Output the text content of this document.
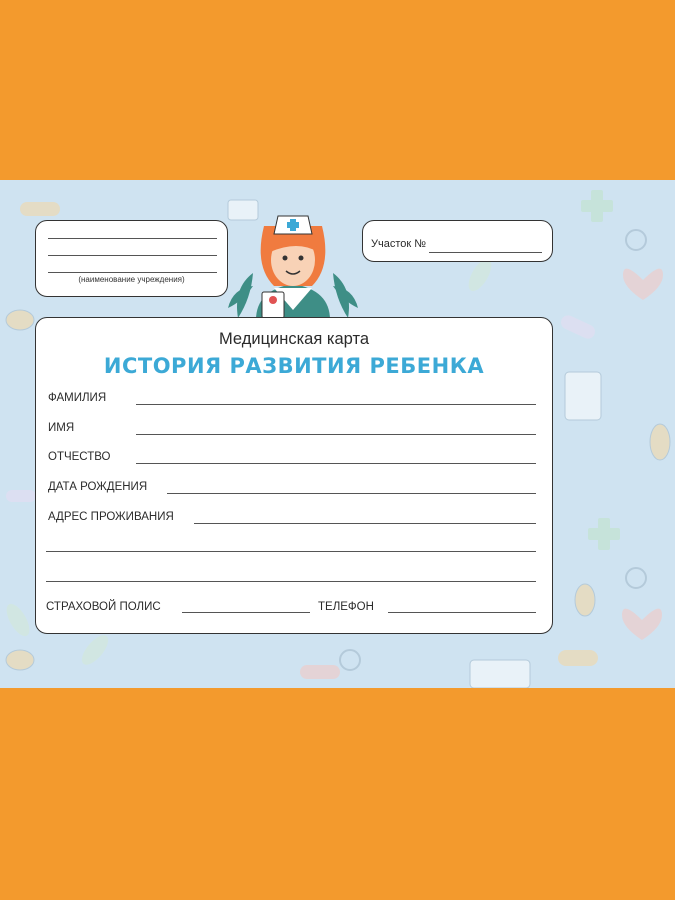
(наименование учреждения)
Участок №
Медицинская карта
ИСТОРИЯ РАЗВИТИЯ РЕБЕНКА
ФАМИЛИЯ
ИМЯ
ОТЧЕСТВО
ДАТА РОЖДЕНИЯ
АДРЕС ПРОЖИВАНИЯ
СТРАХОВОЙ ПОЛИС	ТЕЛЕФОН
